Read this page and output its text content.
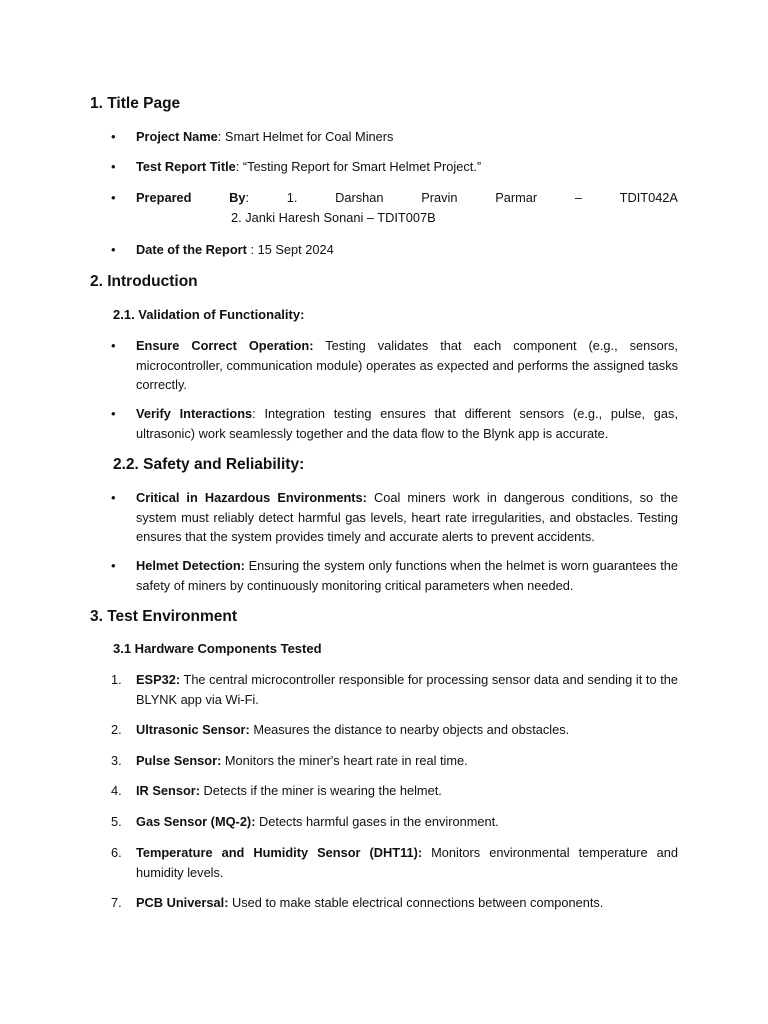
1. Title Page
• Project Name: Smart Helmet for Coal Miners
• Test Report Title: “Testing Report for Smart Helmet Project.”
• Prepared	By:	1.	Darshan	Pravin	Parmar	–	TDIT042A
2. Janki Haresh Sonani – TDIT007B
• Date of the Report : 15 Sept 2024
2. Introduction
2.1. Validation of Functionality:
• Ensure Correct Operation: Testing validates that each component (e.g., sensors, microcontroller, communication module) operates as expected and performs the assigned tasks correctly.
• Verify Interactions: Integration testing ensures that different sensors (e.g., pulse, gas, ultrasonic) work seamlessly together and the data flow to the Blynk app is accurate.
2.2. Safety and Reliability:
• Critical in Hazardous Environments: Coal miners work in dangerous conditions, so the system must reliably detect harmful gas levels, heart rate irregularities, and obstacles. Testing ensures that the system provides timely and accurate alerts to prevent accidents.
• Helmet Detection: Ensuring the system only functions when the helmet is worn guarantees the safety of miners by continuously monitoring critical parameters when needed.
3. Test Environment
3.1 Hardware Components Tested
1. ESP32: The central microcontroller responsible for processing sensor data and sending it to the BLYNK app via Wi-Fi.
2. Ultrasonic Sensor: Measures the distance to nearby objects and obstacles.
3. Pulse Sensor: Monitors the miner's heart rate in real time.
4. IR Sensor: Detects if the miner is wearing the helmet.
5. Gas Sensor (MQ-2): Detects harmful gases in the environment.
6. Temperature and Humidity Sensor (DHT11): Monitors environmental temperature and humidity levels.
7. PCB Universal: Used to make stable electrical connections between components.
